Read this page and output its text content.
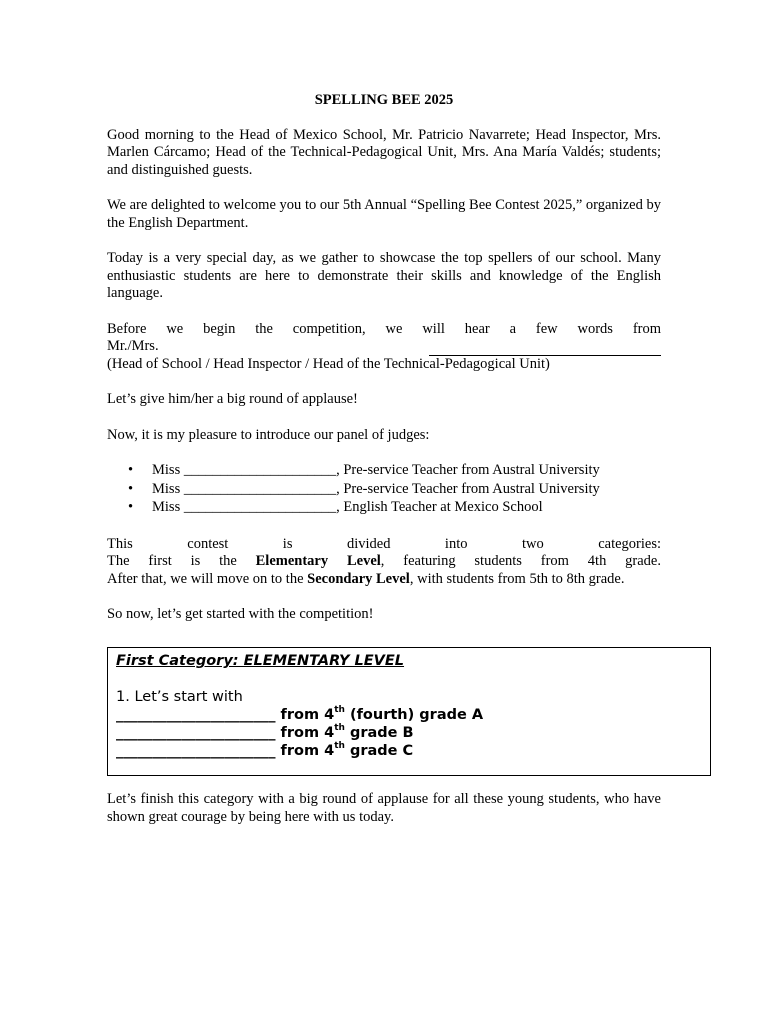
SPELLING BEE 2025

Good morning to the Head of Mexico School, Mr. Patricio Navarrete; Head Inspector, Mrs. Marlen Cárcamo; Head of the Technical-Pedagogical Unit, Mrs. Ana María Valdés; students; and distinguished guests.

We are delighted to welcome you to our 5th Annual “Spelling Bee Contest 2025,” organized by the English Department.

Today is a very special day, as we gather to showcase the top spellers of our school. Many enthusiastic students are here to demonstrate their skills and knowledge of the English language.

Before we begin the competition, we will hear a few words from
Mr./Mrs.
(Head of School / Head Inspector / Head of the Technical-Pedagogical Unit)

Let’s give him/her a big round of applause!

Now, it is my pleasure to introduce our panel of judges:

• Miss _____________________, Pre-service Teacher from Austral University
• Miss _____________________, Pre-service Teacher from Austral University
• Miss _____________________, English Teacher at Mexico School

This contest is divided into two categories:
The first is the Elementary Level, featuring students from 4th grade.
After that, we will move on to the Secondary Level, with students from 5th to 8th grade.

So now, let’s get started with the competition!

First Category: ELEMENTARY LEVEL
1. Let’s start with
______________________ from 4th (fourth) grade A
______________________ from 4th grade B
______________________ from 4th grade C
Let’s finish this category with a big round of applause for all these young students, who have shown great courage by being here with us today.
